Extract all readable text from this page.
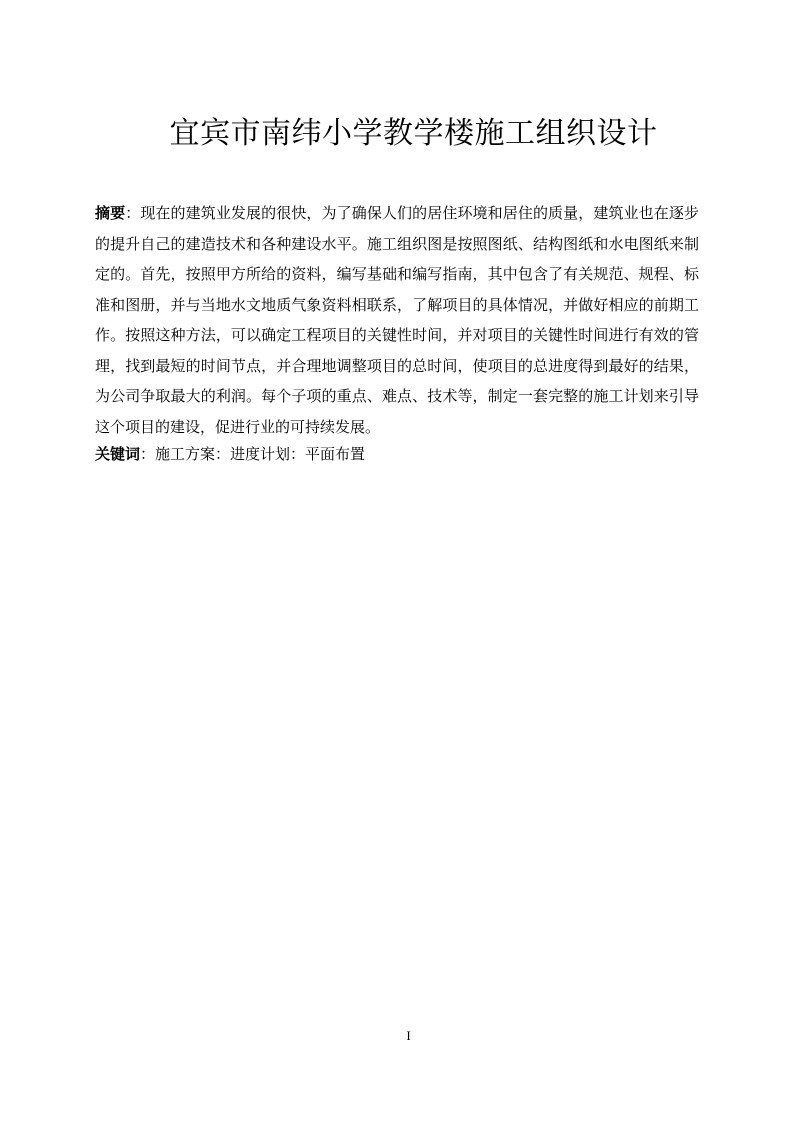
宜宾市南纬小学教学楼施工组织设计

摘要：现在的建筑业发展的很快，为了确保人们的居住环境和居住的质量，建筑业也在逐步的提升自己的建造技术和各种建设水平。施工组织图是按照图纸、结构图纸和水电图纸来制定的。首先，按照甲方所给的资料，编写基础和编写指南，其中包含了有关规范、规程、标准和图册，并与当地水文地质气象资料相联系，了解项目的具体情况，并做好相应的前期工作。按照这种方法，可以确定工程项目的关键性时间，并对项目的关键性时间进行有效的管理，找到最短的时间节点，并合理地调整项目的总时间，使项目的总进度得到最好的结果，为公司争取最大的利润。每个子项的重点、难点、技术等，制定一套完整的施工计划来引导这个项目的建设，促进行业的可持续发展。

关键词：施工方案：进度计划：平面布置

I
